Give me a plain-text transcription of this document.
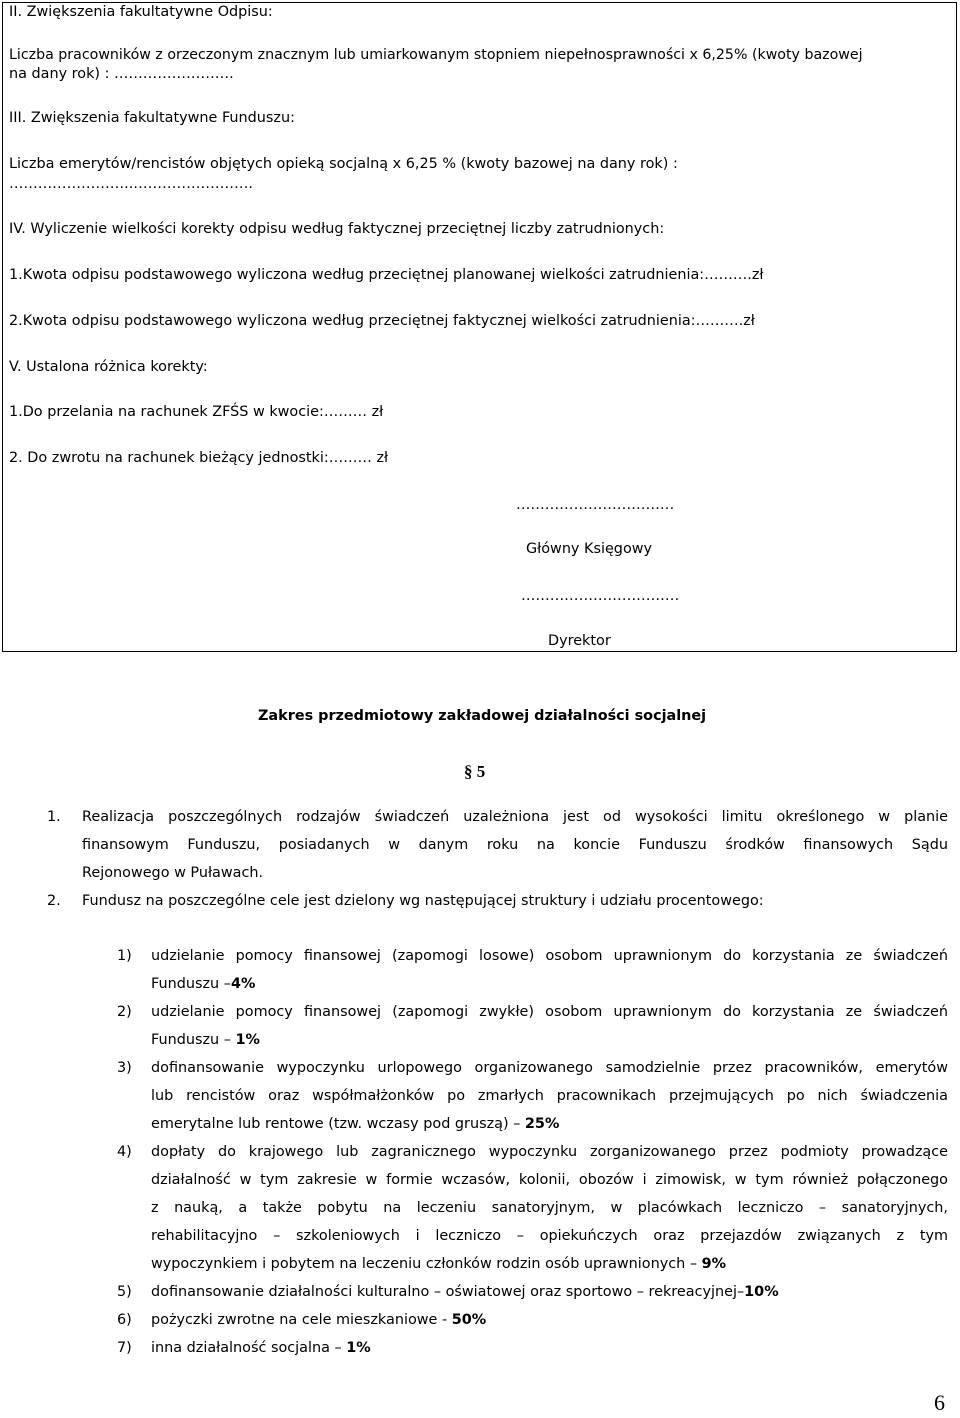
II. Zwiększenia fakultatywne Odpisu:
Liczba pracowników z orzeczonym znacznym lub umiarkowanym stopniem niepełnosprawności x 6,25% (kwoty bazowej
na dany rok) : …………………….
III. Zwiększenia fakultatywne Funduszu:
Liczba emerytów/rencistów objętych opieką socjalną x 6,25 % (kwoty bazowej na dany rok) :
……………………..…………………….
IV. Wyliczenie wielkości korekty odpisu według faktycznej przeciętnej liczby zatrudnionych:
1.Kwota odpisu podstawowego wyliczona według przeciętnej planowanej wielkości zatrudnienia:……….zł
2.Kwota odpisu podstawowego wyliczona według przeciętnej faktycznej wielkości zatrudnienia:……….zł
V. Ustalona różnica korekty:
1.Do przelania na rachunek ZFŚS w kwocie:……… zł
2. Do zwrotu na rachunek bieżący jednostki:……… zł
……………………………
Główny Księgowy
……………………………
Dyrektor
Zakres przedmiotowy zakładowej działalności socjalnej
§ 5
1. Realizacja poszczególnych rodzajów świadczeń uzależniona jest od wysokości limitu określonego w planie
finansowym Funduszu, posiadanych w danym roku na koncie Funduszu środków finansowych Sądu
Rejonowego w Puławach.
2. Fundusz na poszczególne cele jest dzielony wg następującej struktury i udziału procentowego:
1) udzielanie pomocy finansowej (zapomogi losowe) osobom uprawnionym do korzystania ze świadczeń
Funduszu –4%
2) udzielanie pomocy finansowej (zapomogi zwykłe) osobom uprawnionym do korzystania ze świadczeń
Funduszu – 1%
3) dofinansowanie wypoczynku urlopowego organizowanego samodzielnie przez pracowników, emerytów
lub rencistów oraz współmałżonków po zmarłych pracownikach przejmujących po nich świadczenia
emerytalne lub rentowe (tzw. wczasy pod gruszą) – 25%
4) dopłaty do krajowego lub zagranicznego wypoczynku zorganizowanego przez podmioty prowadzące
działalność w tym zakresie w formie wczasów, kolonii, obozów i zimowisk, w tym również połączonego
z nauką, a także pobytu na leczeniu sanatoryjnym, w placówkach leczniczo – sanatoryjnych,
rehabilitacyjno – szkoleniowych i leczniczo – opiekuńczych oraz przejazdów związanych z tym
wypoczynkiem i pobytem na leczeniu członków rodzin osób uprawnionych – 9%
5) dofinansowanie działalności kulturalno – oświatowej oraz sportowo – rekreacyjnej–10%
6) pożyczki zwrotne na cele mieszkaniowe - 50%
7) inna działalność socjalna – 1%
6
